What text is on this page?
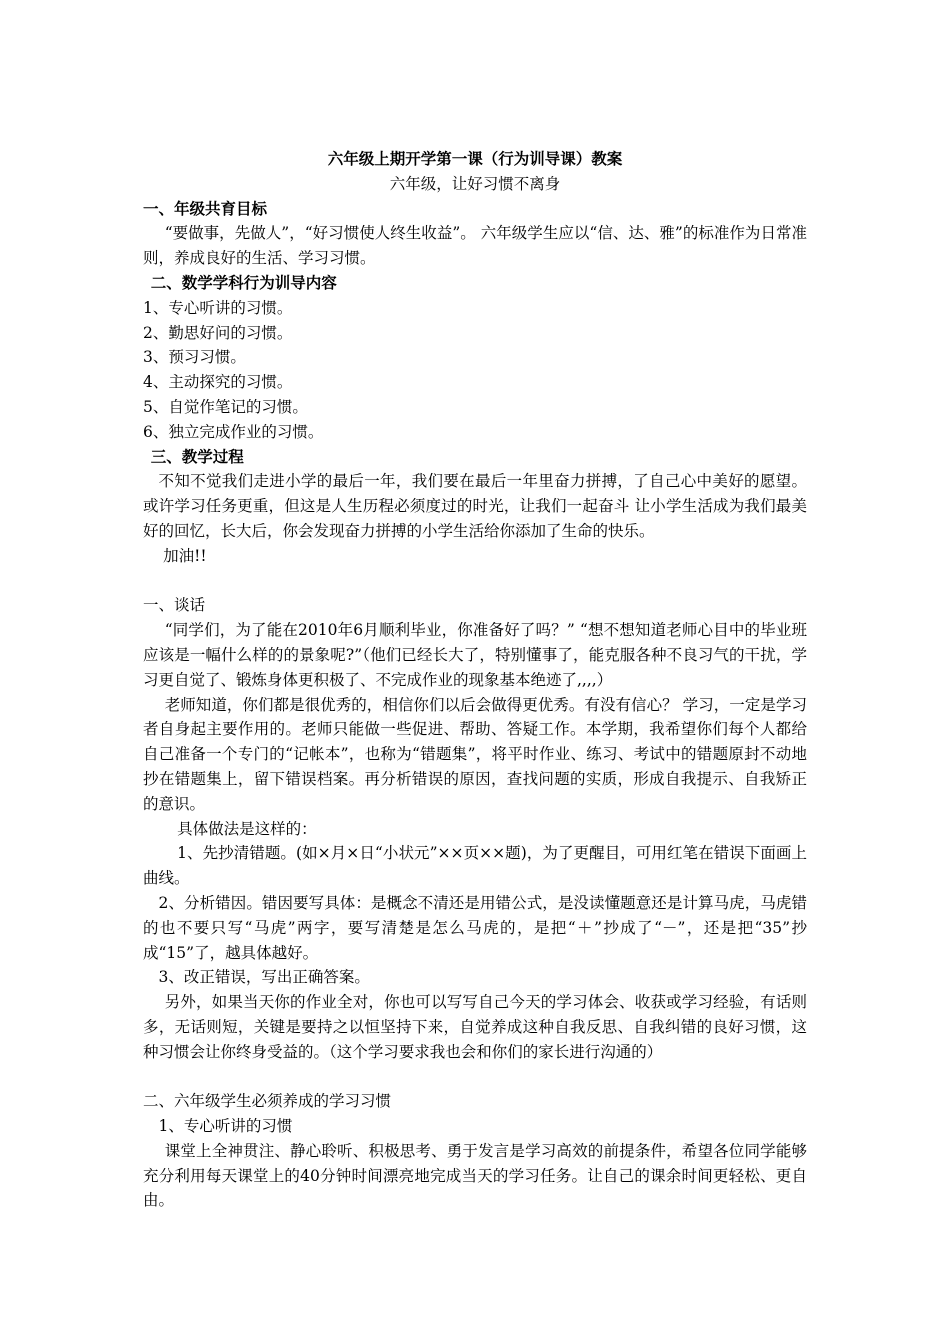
六年级上期开学第一课（行为训导课）教案

六年级，让好习惯不离身

一、年级共育目标

“要做事，先做人”，“好习惯使人终生收益”。 六年级学生应以“信、达、雅”的标准作为日常准则，养成良好的生活、学习习惯。

二、数学学科行为训导内容

1、专心听讲的习惯。

2、勤思好问的习惯。

3、预习习惯。

4、主动探究的习惯。

5、自觉作笔记的习惯。

6、独立完成作业的习惯。

三、教学过程

不知不觉我们走进小学的最后一年，我们要在最后一年里奋力拼搏，了自己心中美好的愿望。或许学习任务更重，但这是人生历程必须度过的时光，让我们一起奋斗 让小学生活成为我们最美好的回忆，长大后，你会发现奋力拼搏的小学生活给你添加了生命的快乐。

加油!!

一、谈话

“同学们，为了能在2010年6月顺利毕业，你准备好了吗？” “想不想知道老师心目中的毕业班应该是一幅什么样的的景象呢?”（他们已经长大了，特别懂事了，能克服各种不良习气的干扰，学习更自觉了、锻炼身体更积极了、不完成作业的现象基本绝迹了,,,,）

老师知道，你们都是很优秀的，相信你们以后会做得更优秀。有没有信心？ 学习，一定是学习者自身起主要作用的。老师只能做一些促进、帮助、答疑工作。本学期，我希望你们每个人都给自己准备一个专门的“记帐本”，也称为“错题集”，将平时作业、练习、考试中的错题原封不动地抄在错题集上，留下错误档案。再分析错误的原因，查找问题的实质，形成自我提示、自我矫正的意识。

具体做法是这样的：

1、先抄清错题。(如×月×日“小状元”××页××题)，为了更醒目，可用红笔在错误下面画上曲线。

2、分析错因。错因要写具体：是概念不清还是用错公式，是没读懂题意还是计算马虎，马虎错的也不要只写“马虎”两字，要写清楚是怎么马虎的，是把“＋”抄成了“－”，还是把“35”抄成“15”了，越具体越好。

3、改正错误，写出正确答案。

另外，如果当天你的作业全对，你也可以写写自己今天的学习体会、收获或学习经验，有话则多，无话则短，关键是要持之以恒坚持下来，自觉养成这种自我反思、自我纠错的良好习惯，这种习惯会让你终身受益的。（这个学习要求我也会和你们的家长进行沟通的）

二、六年级学生必须养成的学习习惯

1、专心听讲的习惯

课堂上全神贯注、静心聆听、积极思考、勇于发言是学习高效的前提条件，希望各位同学能够充分利用每天课堂上的40分钟时间漂亮地完成当天的学习任务。让自己的课余时间更轻松、更自由。
